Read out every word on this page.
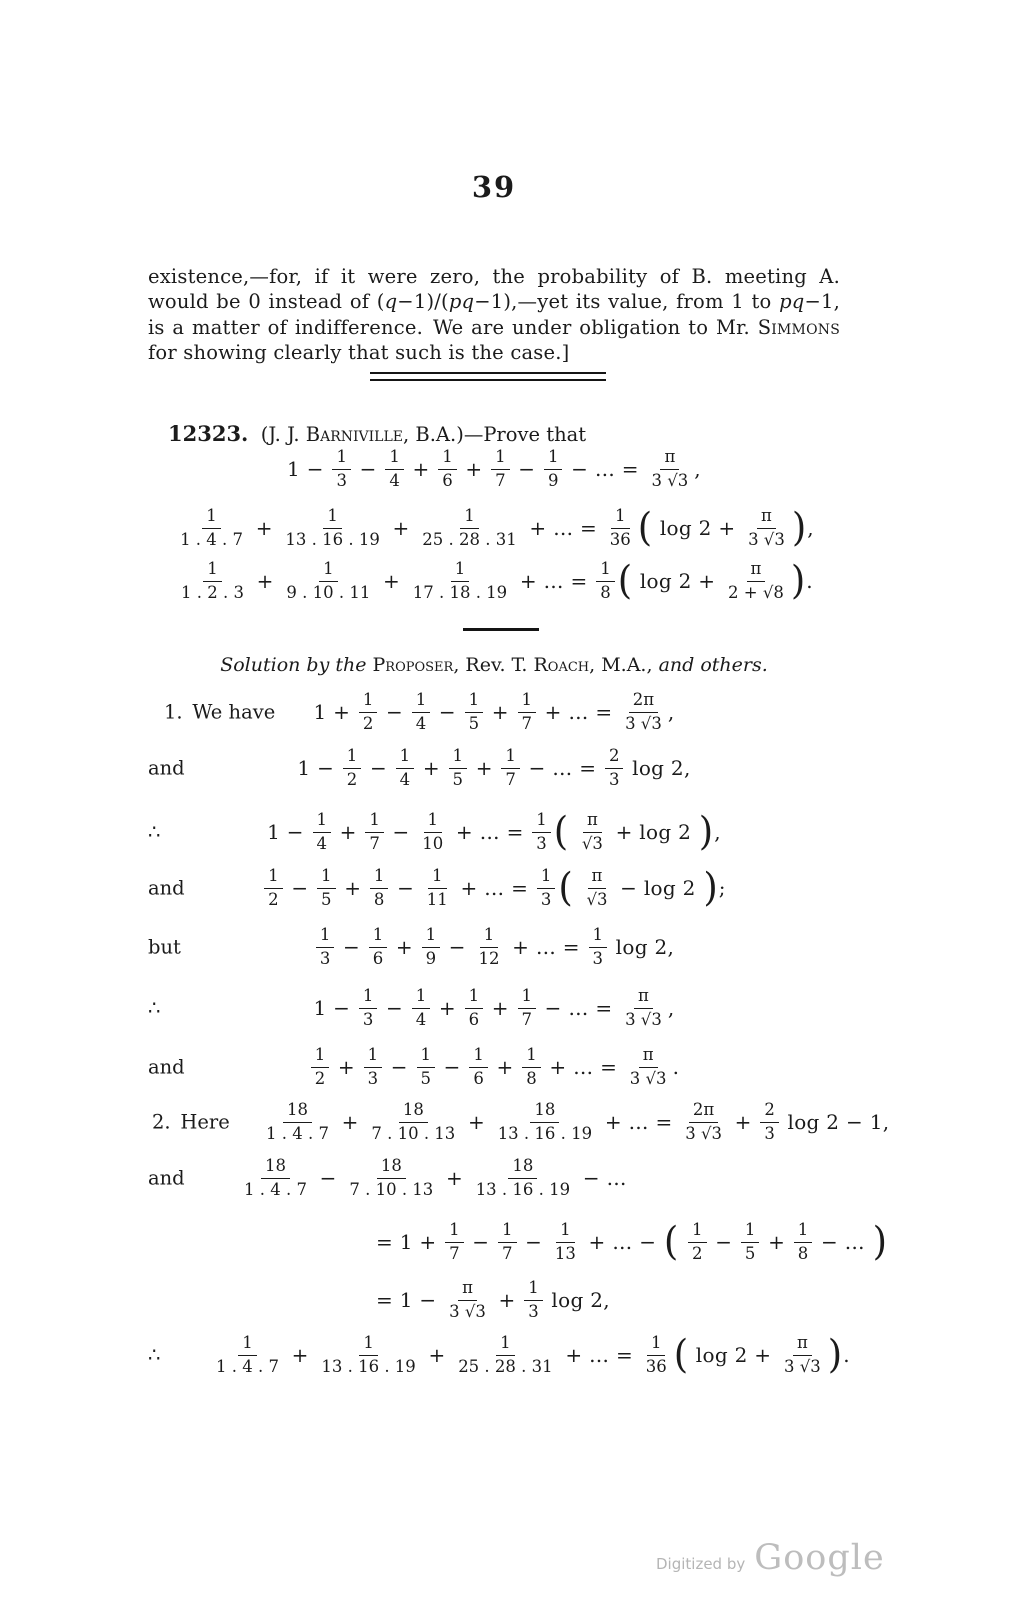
39

existence,—for, if it were zero, the probability of B. meeting A. would be 0 instead of (q−1)/(pq−1),—yet its value, from 1 to pq−1, is a matter of indifference. We are under obligation to Mr. Simmons for showing clearly that such is the case.]

12323.  (J. J. Barniville, B.A.)—Prove that
$1 - \frac{1}{3} - \frac{1}{4} + \frac{1}{6} + \frac{1}{7} - \frac{1}{9}$ − … = $\frac{\pi}{3 √3}$ ,
$\frac{1}{1 . 4 . 7} + \frac{1}{13 . 16 . 19} + \frac{1}{25 . 28 . 31}$ + … = $\frac{1}{36}$ ( $\log 2 + \frac{\pi}{3 √3}$ ) ,
$\frac{1}{1 . 2 . 3} + \frac{1}{9 . 10 . 11} + \frac{1}{17 . 18 . 19}$ + … = $\frac{1}{8}$ ( $\log 2 + \frac{\pi}{2 + √8}$ ) .
Solution by the Proposer, Rev. T. Roach, M.A., and others.
1. We have $1 + \frac{1}{2} - \frac{1}{4} - \frac{1}{5} + \frac{1}{7}$ + … = $\frac{2\pi}{3 √3}$ ,
and	$1 - \frac{1}{2} - \frac{1}{4} + \frac{1}{5} + \frac{1}{7}$ − … = $\frac{2}{3}$ log 2,
∴	$1 - \frac{1}{4} + \frac{1}{7} - \frac{1}{10}$ + … = $\frac{1}{3}$ (
$\frac{\pi}{√3} + \log 2$ ) ,
and	$\frac{1}{2} - \frac{1}{5} + \frac{1}{8} - \frac{1}{11}$ + … = $\frac{1}{3}$ (
$\frac{\pi}{√3} - \log 2$ ) ;
but	$\frac{1}{3} - \frac{1}{6} + \frac{1}{9} - \frac{1}{12}$ + … = $\frac{1}{3}$ log 2,
∴	$1 - \frac{1}{3} - \frac{1}{4} + \frac{1}{6} + \frac{1}{7}$ − … = $\frac{\pi}{3 √3}$ ,
and	$\frac{1}{2} + \frac{1}{3} - \frac{1}{5} - \frac{1}{6} + \frac{1}{8}$ + … = $\frac{\pi}{3 √3}$ .
2. Here $\frac{18}{1 . 4 . 7} + \frac{18}{7 . 10 . 13} + \frac{18}{13 . 16 . 19}$ + … = $\frac{2\pi}{3 √3} + \frac{2}{3}$ log 2 − 1,
and	$\frac{18}{1 . 4 . 7} - \frac{18}{7 . 10 . 13} + \frac{18}{13 . 16 . 19}$ − …
= $1 + \frac{1}{7} - \frac{1}{7} - \frac{1}{13}$ + … − (
$\frac{1}{2} - \frac{1}{5} + \frac{1}{8}$ − … )
= $1 - \frac{\pi}{3 √3} + \frac{1}{3}$ log 2,
∴	$\frac{1}{1 . 4 . 7} + \frac{1}{13 . 16 . 19} + \frac{1}{25 . 28 . 31}$ + … = $\frac{1}{36}$ ( $\log 2 + \frac{\pi}{3 √3}$ ) .
Digitized by Google
